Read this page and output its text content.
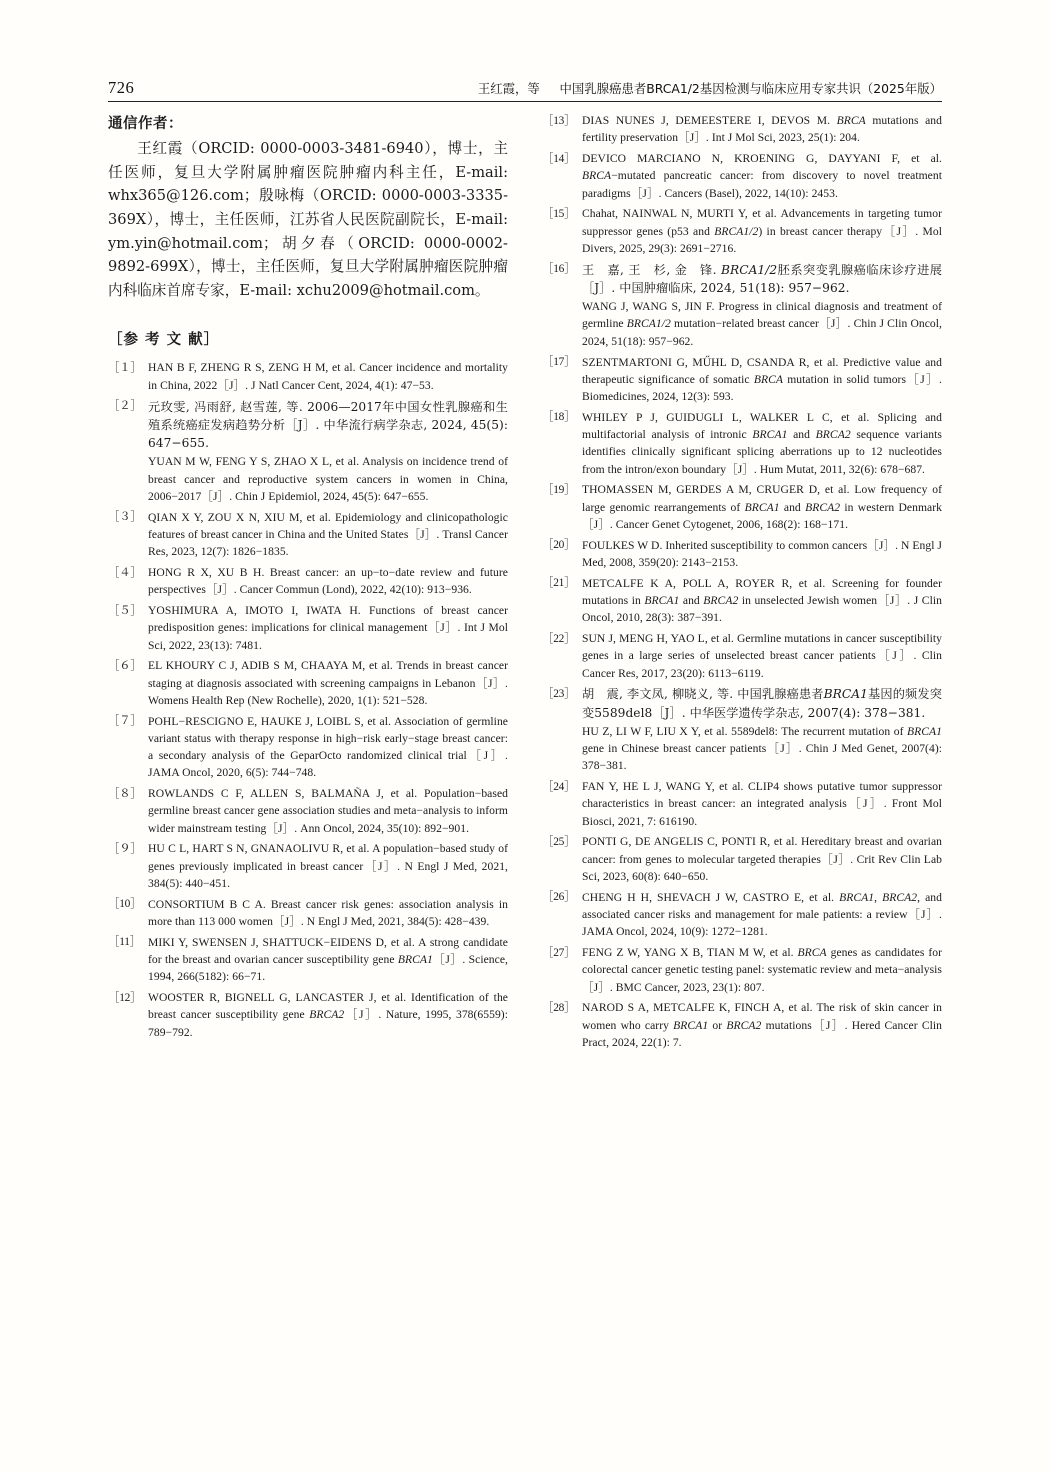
726	王红霞，等 中国乳腺癌患者BRCA1/2基因检测与临床应用专家共识（2025年版）
通信作者：

王红霞（ORCID: 0000-0003-3481-6940），博士，主任医师，复旦大学附属肿瘤医院肿瘤内科主任，E-mail: whx365@126.com；殷咏梅（ORCID: 0000-0003-3335-369X），博士，主任医师，江苏省人民医院副院长，E-mail: ym.yin@hotmail.com；胡夕春（ORCID: 0000-0002-9892-699X），博士，主任医师，复旦大学附属肿瘤医院肿瘤内科临床首席专家，E-mail: xchu2009@hotmail.com。

［参 考 文 献］
［１］ HAN B F, ZHENG R S, ZENG H M, et al. Cancer incidence and mortality in China, 2022［J］. J Natl Cancer Cent, 2024, 4(1): 47−53.
［２］ 元玫雯, 冯雨舒, 赵雪莲, 等. 2006—2017年中国女性乳腺癌和生殖系统癌症发病趋势分析［J］. 中华流行病学杂志, 2024, 45(5): 647−655.
YUAN M W, FENG Y S, ZHAO X L, et al. Analysis on incidence trend of breast cancer and reproductive system cancers in women in China, 2006−2017［J］. Chin J Epidemiol, 2024, 45(5): 647−655.
［３］ QIAN X Y, ZOU X N, XIU M, et al. Epidemiology and clinicopathologic features of breast cancer in China and the United States［J］. Transl Cancer Res, 2023, 12(7): 1826−1835.
［４］ HONG R X, XU B H. Breast cancer: an up−to−date review and future perspectives［J］. Cancer Commun (Lond), 2022, 42(10): 913−936.
［５］ YOSHIMURA A, IMOTO I, IWATA H. Functions of breast cancer predisposition genes: implications for clinical management［J］. Int J Mol Sci, 2022, 23(13): 7481.
［６］ EL KHOURY C J, ADIB S M, CHAAYA M, et al. Trends in breast cancer staging at diagnosis associated with screening campaigns in Lebanon［J］. Womens Health Rep (New Rochelle), 2020, 1(1): 521−528.
［７］ POHL−RESCIGNO E, HAUKE J, LOIBL S, et al. Association of germline variant status with therapy response in high−risk early−stage breast cancer: a secondary analysis of the GeparOcto randomized clinical trial［J］. JAMA Oncol, 2020, 6(5): 744−748.
［８］ ROWLANDS C F, ALLEN S, BALMAÑA J, et al. Population−based germline breast cancer gene association studies and meta−analysis to inform wider mainstream testing［J］. Ann Oncol, 2024, 35(10): 892−901.
［９］ HU C L, HART S N, GNANAOLIVU R, et al. A population−based study of genes previously implicated in breast cancer［J］. N Engl J Med, 2021, 384(5): 440−451.
［10］ CONSORTIUM B C A. Breast cancer risk genes: association analysis in more than 113 000 women［J］. N Engl J Med, 2021, 384(5): 428−439.
［11］ MIKI Y, SWENSEN J, SHATTUCK−EIDENS D, et al. A strong candidate for the breast and ovarian cancer susceptibility gene BRCA1［J］. Science, 1994, 266(5182): 66−71.
［12］ WOOSTER R, BIGNELL G, LANCASTER J, et al. Identification of the breast cancer susceptibility gene BRCA2［J］. Nature, 1995, 378(6559): 789−792.
［13］ DIAS NUNES J, DEMEESTERE I, DEVOS M. BRCA mutations and fertility preservation［J］. Int J Mol Sci, 2023, 25(1): 204.
［14］ DEVICO MARCIANO N, KROENING G, DAYYANI F, et al. BRCA−mutated pancreatic cancer: from discovery to novel treatment paradigms［J］. Cancers (Basel), 2022, 14(10): 2453.
［15］ Chahat, NAINWAL N, MURTI Y, et al. Advancements in targeting tumor suppressor genes (p53 and BRCA1/2) in breast cancer therapy［J］. Mol Divers, 2025, 29(3): 2691−2716.
［16］ 王　嘉, 王　杉, 金　锋. BRCA1/2胚系突变乳腺癌临床诊疗进展［J］. 中国肿瘤临床, 2024, 51(18): 957−962.
WANG J, WANG S, JIN F. Progress in clinical diagnosis and treatment of germline BRCA1/2 mutation−related breast cancer［J］. Chin J Clin Oncol, 2024, 51(18): 957−962.
［17］ SZENTMARTONI G, MŰHL D, CSANDA R, et al. Predictive value and therapeutic significance of somatic BRCA mutation in solid tumors［J］. Biomedicines, 2024, 12(3): 593.
［18］ WHILEY P J, GUIDUGLI L, WALKER L C, et al. Splicing and multifactorial analysis of intronic BRCA1 and BRCA2 sequence variants identifies clinically significant splicing aberrations up to 12 nucleotides from the intron/exon boundary［J］. Hum Mutat, 2011, 32(6): 678−687.
［19］ THOMASSEN M, GERDES A M, CRUGER D, et al. Low frequency of large genomic rearrangements of BRCA1 and BRCA2 in western Denmark［J］. Cancer Genet Cytogenet, 2006, 168(2): 168−171.
［20］ FOULKES W D. Inherited susceptibility to common cancers［J］. N Engl J Med, 2008, 359(20): 2143−2153.
［21］ METCALFE K A, POLL A, ROYER R, et al. Screening for founder mutations in BRCA1 and BRCA2 in unselected Jewish women［J］. J Clin Oncol, 2010, 28(3): 387−391.
［22］ SUN J, MENG H, YAO L, et al. Germline mutations in cancer susceptibility genes in a large series of unselected breast cancer patients［J］. Clin Cancer Res, 2017, 23(20): 6113−6119.
［23］ 胡　震, 李文凤, 柳晓义, 等. 中国乳腺癌患者BRCA1基因的频发突变5589del8［J］. 中华医学遗传学杂志, 2007(4): 378−381.
HU Z, LI W F, LIU X Y, et al. 5589del8: The recurrent mutation of BRCA1 gene in Chinese breast cancer patients［J］. Chin J Med Genet, 2007(4): 378−381.
［24］ FAN Y, HE L J, WANG Y, et al. CLIP4 shows putative tumor suppressor characteristics in breast cancer: an integrated analysis［J］. Front Mol Biosci, 2021, 7: 616190.
［25］ PONTI G, DE ANGELIS C, PONTI R, et al. Hereditary breast and ovarian cancer: from genes to molecular targeted therapies［J］. Crit Rev Clin Lab Sci, 2023, 60(8): 640−650.
［26］ CHENG H H, SHEVACH J W, CASTRO E, et al. BRCA1, BRCA2, and associated cancer risks and management for male patients: a review［J］. JAMA Oncol, 2024, 10(9): 1272−1281.
［27］ FENG Z W, YANG X B, TIAN M W, et al. BRCA genes as candidates for colorectal cancer genetic testing panel: systematic review and meta−analysis［J］. BMC Cancer, 2023, 23(1): 807.
［28］ NAROD S A, METCALFE K, FINCH A, et al. The risk of skin cancer in women who carry BRCA1 or BRCA2 mutations［J］. Hered Cancer Clin Pract, 2024, 22(1): 7.
